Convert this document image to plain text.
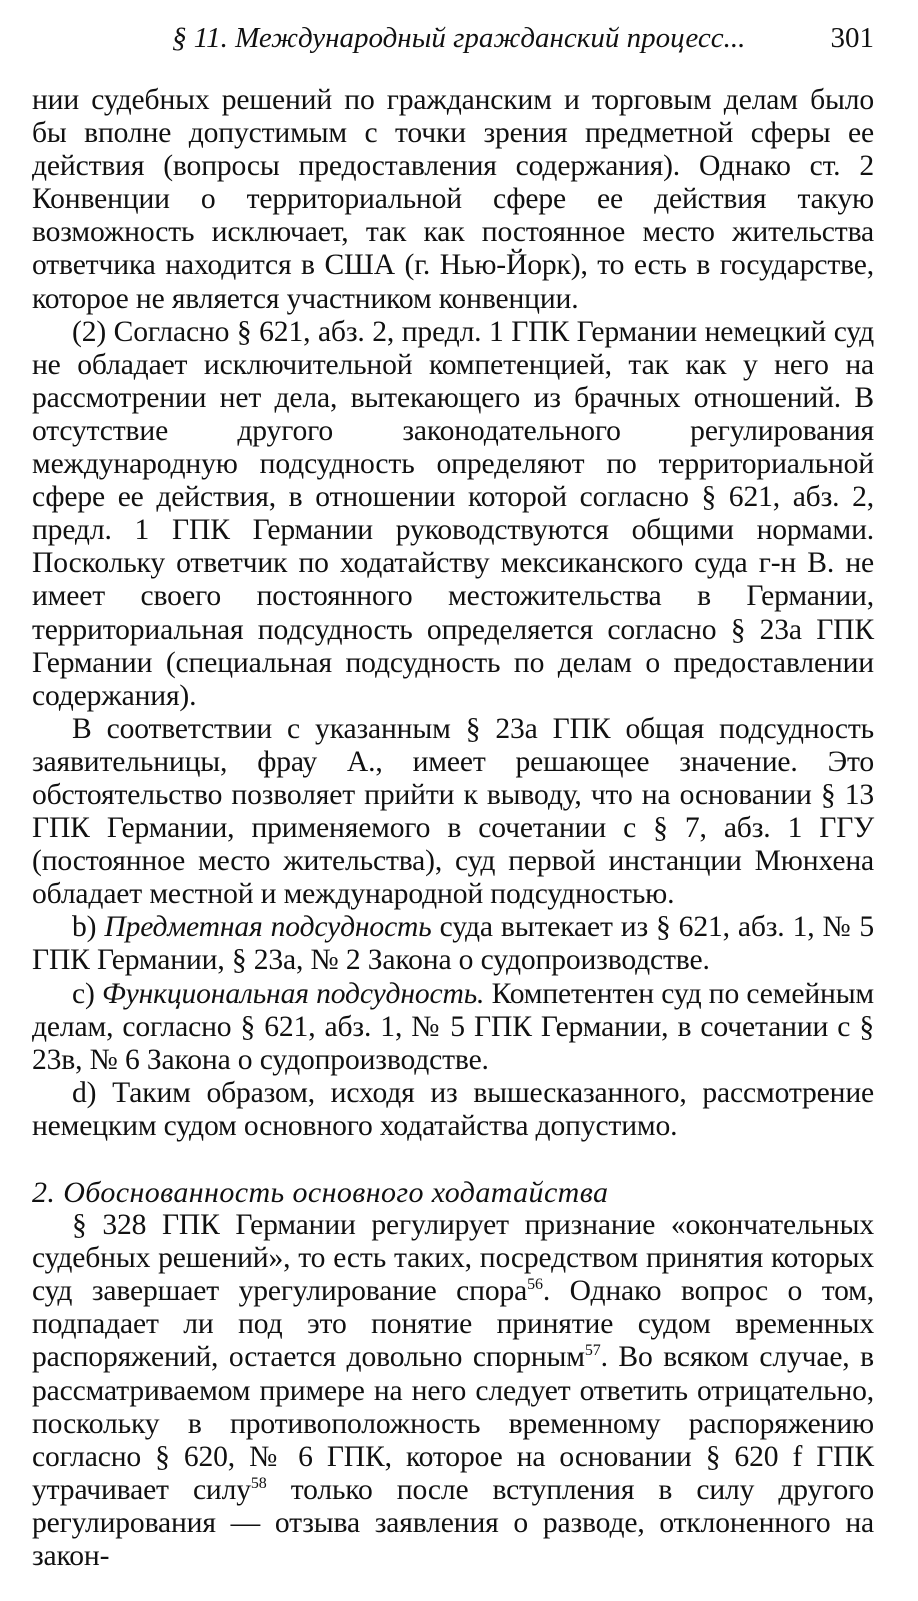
§ 11. Международный гражданский процесс...	301

нии судебных решений по гражданским и торговым делам было бы вполне допустимым с точки зрения предметной сферы ее действия (вопросы предоставления содержания). Однако ст. 2 Конвенции о территориальной сфере ее действия такую возможность исключает, так как постоянное место жительства ответчика находится в США (г. Нью-Йорк), то есть в государстве, которое не является участником конвенции.

(2) Согласно § 621, абз. 2, предл. 1 ГПК Германии немецкий суд не обладает исключительной компетенцией, так как у него на рассмотрении нет дела, вытекающего из брачных отношений. В отсутствие другого законодательного регулирования международную подсудность определяют по территориальной сфере ее действия, в отношении которой согласно § 621, абз. 2, предл. 1 ГПК Германии руководствуются общими нормами. Поскольку ответчик по ходатайству мексиканского суда г-н В. не имеет своего постоянного местожительства в Германии, территориальная подсудность определяется согласно § 23а ГПК Германии (специальная подсудность по делам о предоставлении содержания).

В соответствии с указанным § 23а ГПК общая подсудность заявительницы, фрау А., имеет решающее значение. Это обстоятельство позволяет прийти к выводу, что на основании § 13 ГПК Германии, применяемого в сочетании с § 7, абз. 1 ГГУ (постоянное место жительства), суд первой инстанции Мюнхена обладает местной и международной подсудностью.

b) Предметная подсудность суда вытекает из § 621, абз. 1, № 5 ГПК Германии, § 23а, № 2 Закона о судопроизводстве.

c) Функциональная подсудность. Компетентен суд по семейным делам, согласно § 621, абз. 1, № 5 ГПК Германии, в сочетании с § 23в, № 6 Закона о судопроизводстве.

d) Таким образом, исходя из вышесказанного, рассмотрение немецким судом основного ходатайства допустимо.

2. Обоснованность основного ходатайства

§ 328 ГПК Германии регулирует признание «окончательных судебных решений», то есть таких, посредством принятия которых суд завершает урегулирование спора$^{56}$. Однако вопрос о том, подпадает ли под это понятие принятие судом временных распоряжений, остается довольно спорным$^{57}$. Во всяком случае, в рассматриваемом примере на него следует ответить отрицательно, поскольку в противоположность временному распоряжению согласно § 620, № 6 ГПК, которое на основании § 620 f ГПК утрачивает силу$^{58}$ только после вступления в силу другого регулирования — отзыва заявления о разводе, отклоненного на закон-
